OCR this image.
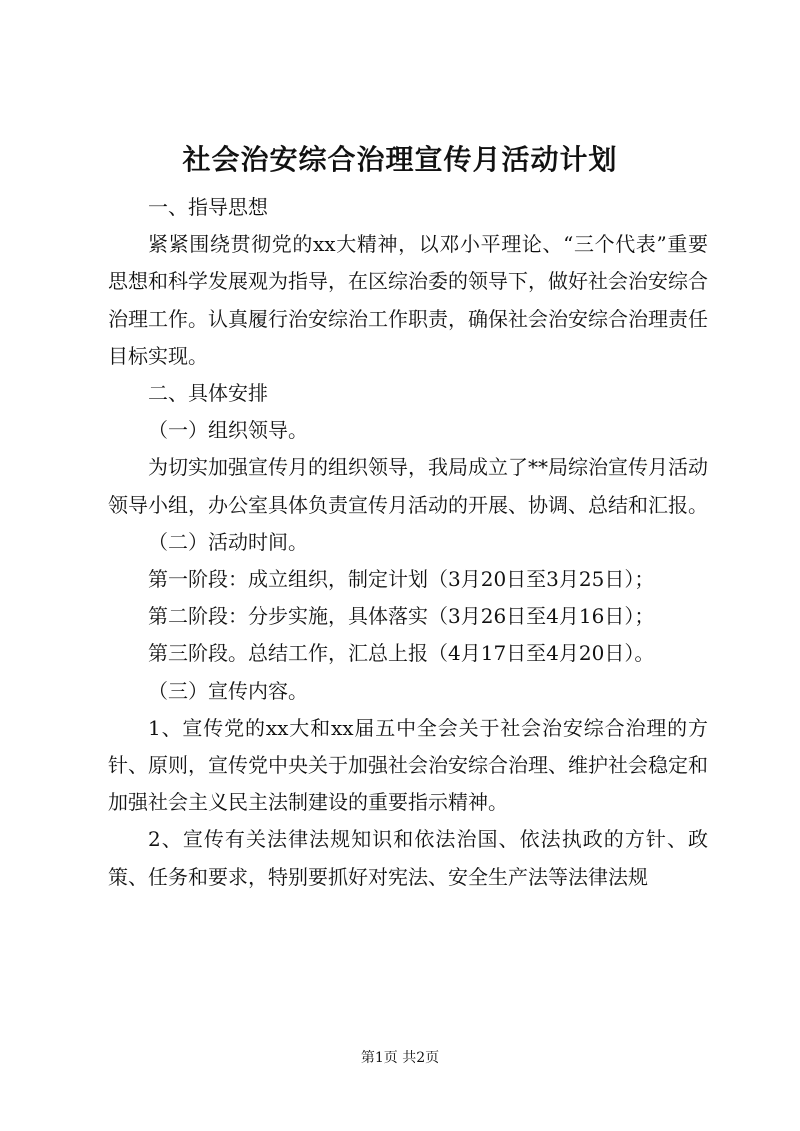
社会治安综合治理宣传月活动计划

一、指导思想

紧紧围绕贯彻党的xx大精神，以邓小平理论、“三个代表”重要思想和科学发展观为指导，在区综治委的领导下，做好社会治安综合治理工作。认真履行治安综治工作职责，确保社会治安综合治理责任目标实现。

二、具体安排

（一）组织领导。

为切实加强宣传月的组织领导，我局成立了**局综治宣传月活动领导小组，办公室具体负责宣传月活动的开展、协调、总结和汇报。

（二）活动时间。

第一阶段：成立组织，制定计划（3月20日至3月25日）；

第二阶段：分步实施，具体落实（3月26日至4月16日）；

第三阶段。总结工作，汇总上报（4月17日至4月20日）。

（三）宣传内容。

1、宣传党的xx大和xx届五中全会关于社会治安综合治理的方针、原则，宣传党中央关于加强社会治安综合治理、维护社会稳定和加强社会主义民主法制建设的重要指示精神。

2、宣传有关法律法规知识和依法治国、依法执政的方针、政策、任务和要求，特别要抓好对宪法、安全生产法等法律法规

第1页 共2页
